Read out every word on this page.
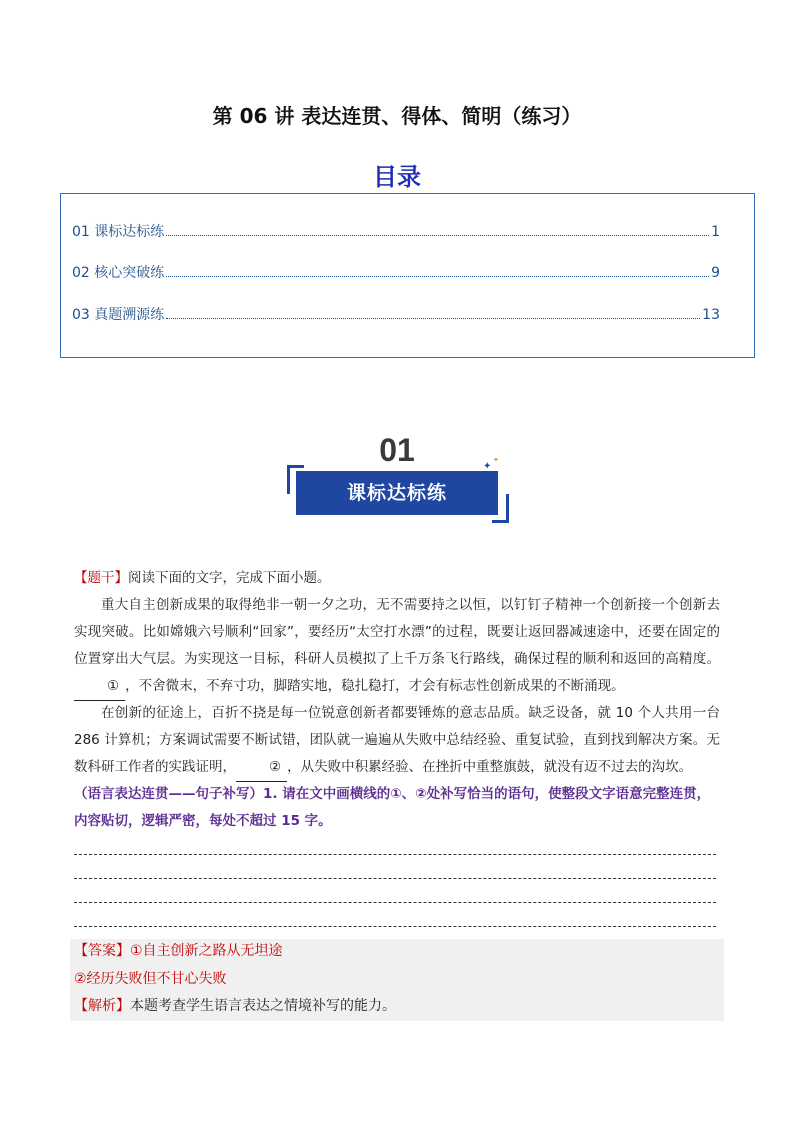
第 06 讲 表达连贯、得体、简明（练习）
目录
01 课标达标练	1
02 核心突破练	9
03 真题溯源练	13
01
课标达标练
✦
✦
【题干】阅读下面的文字，完成下面小题。
重大自主创新成果的取得绝非一朝一夕之功，无不需要持之以恒，以钉钉子精神一个创新接一个创新去实现突破。比如嫦娥六号顺利“回家”，要经历“太空打水漂”的过程，既要让返回器减速途中，还要在固定的位置穿出大气层。为实现这一目标，科研人员模拟了上千万条飞行路线，确保过程的顺利和返回的高精度。① ，不舍微末，不弃寸功，脚踏实地，稳扎稳打，才会有标志性创新成果的不断涌现。
在创新的征途上，百折不挠是每一位锐意创新者都要锤炼的意志品质。缺乏设备，就 10 个人共用一台 286 计算机；方案调试需要不断试错，团队就一遍遍从失败中总结经验、重复试验，直到找到解决方案。无数科研工作者的实践证明， ② ，从失败中积累经验、在挫折中重整旗鼓，就没有迈不过去的沟坎。
（语言表达连贯——句子补写）1. 请在文中画横线的①、②处补写恰当的语句，使整段文字语意完整连贯，内容贴切，逻辑严密，每处不超过 15 字。
【答案】①自主创新之路从无坦途
②经历失败但不甘心失败
【解析】本题考查学生语言表达之情境补写的能力。
